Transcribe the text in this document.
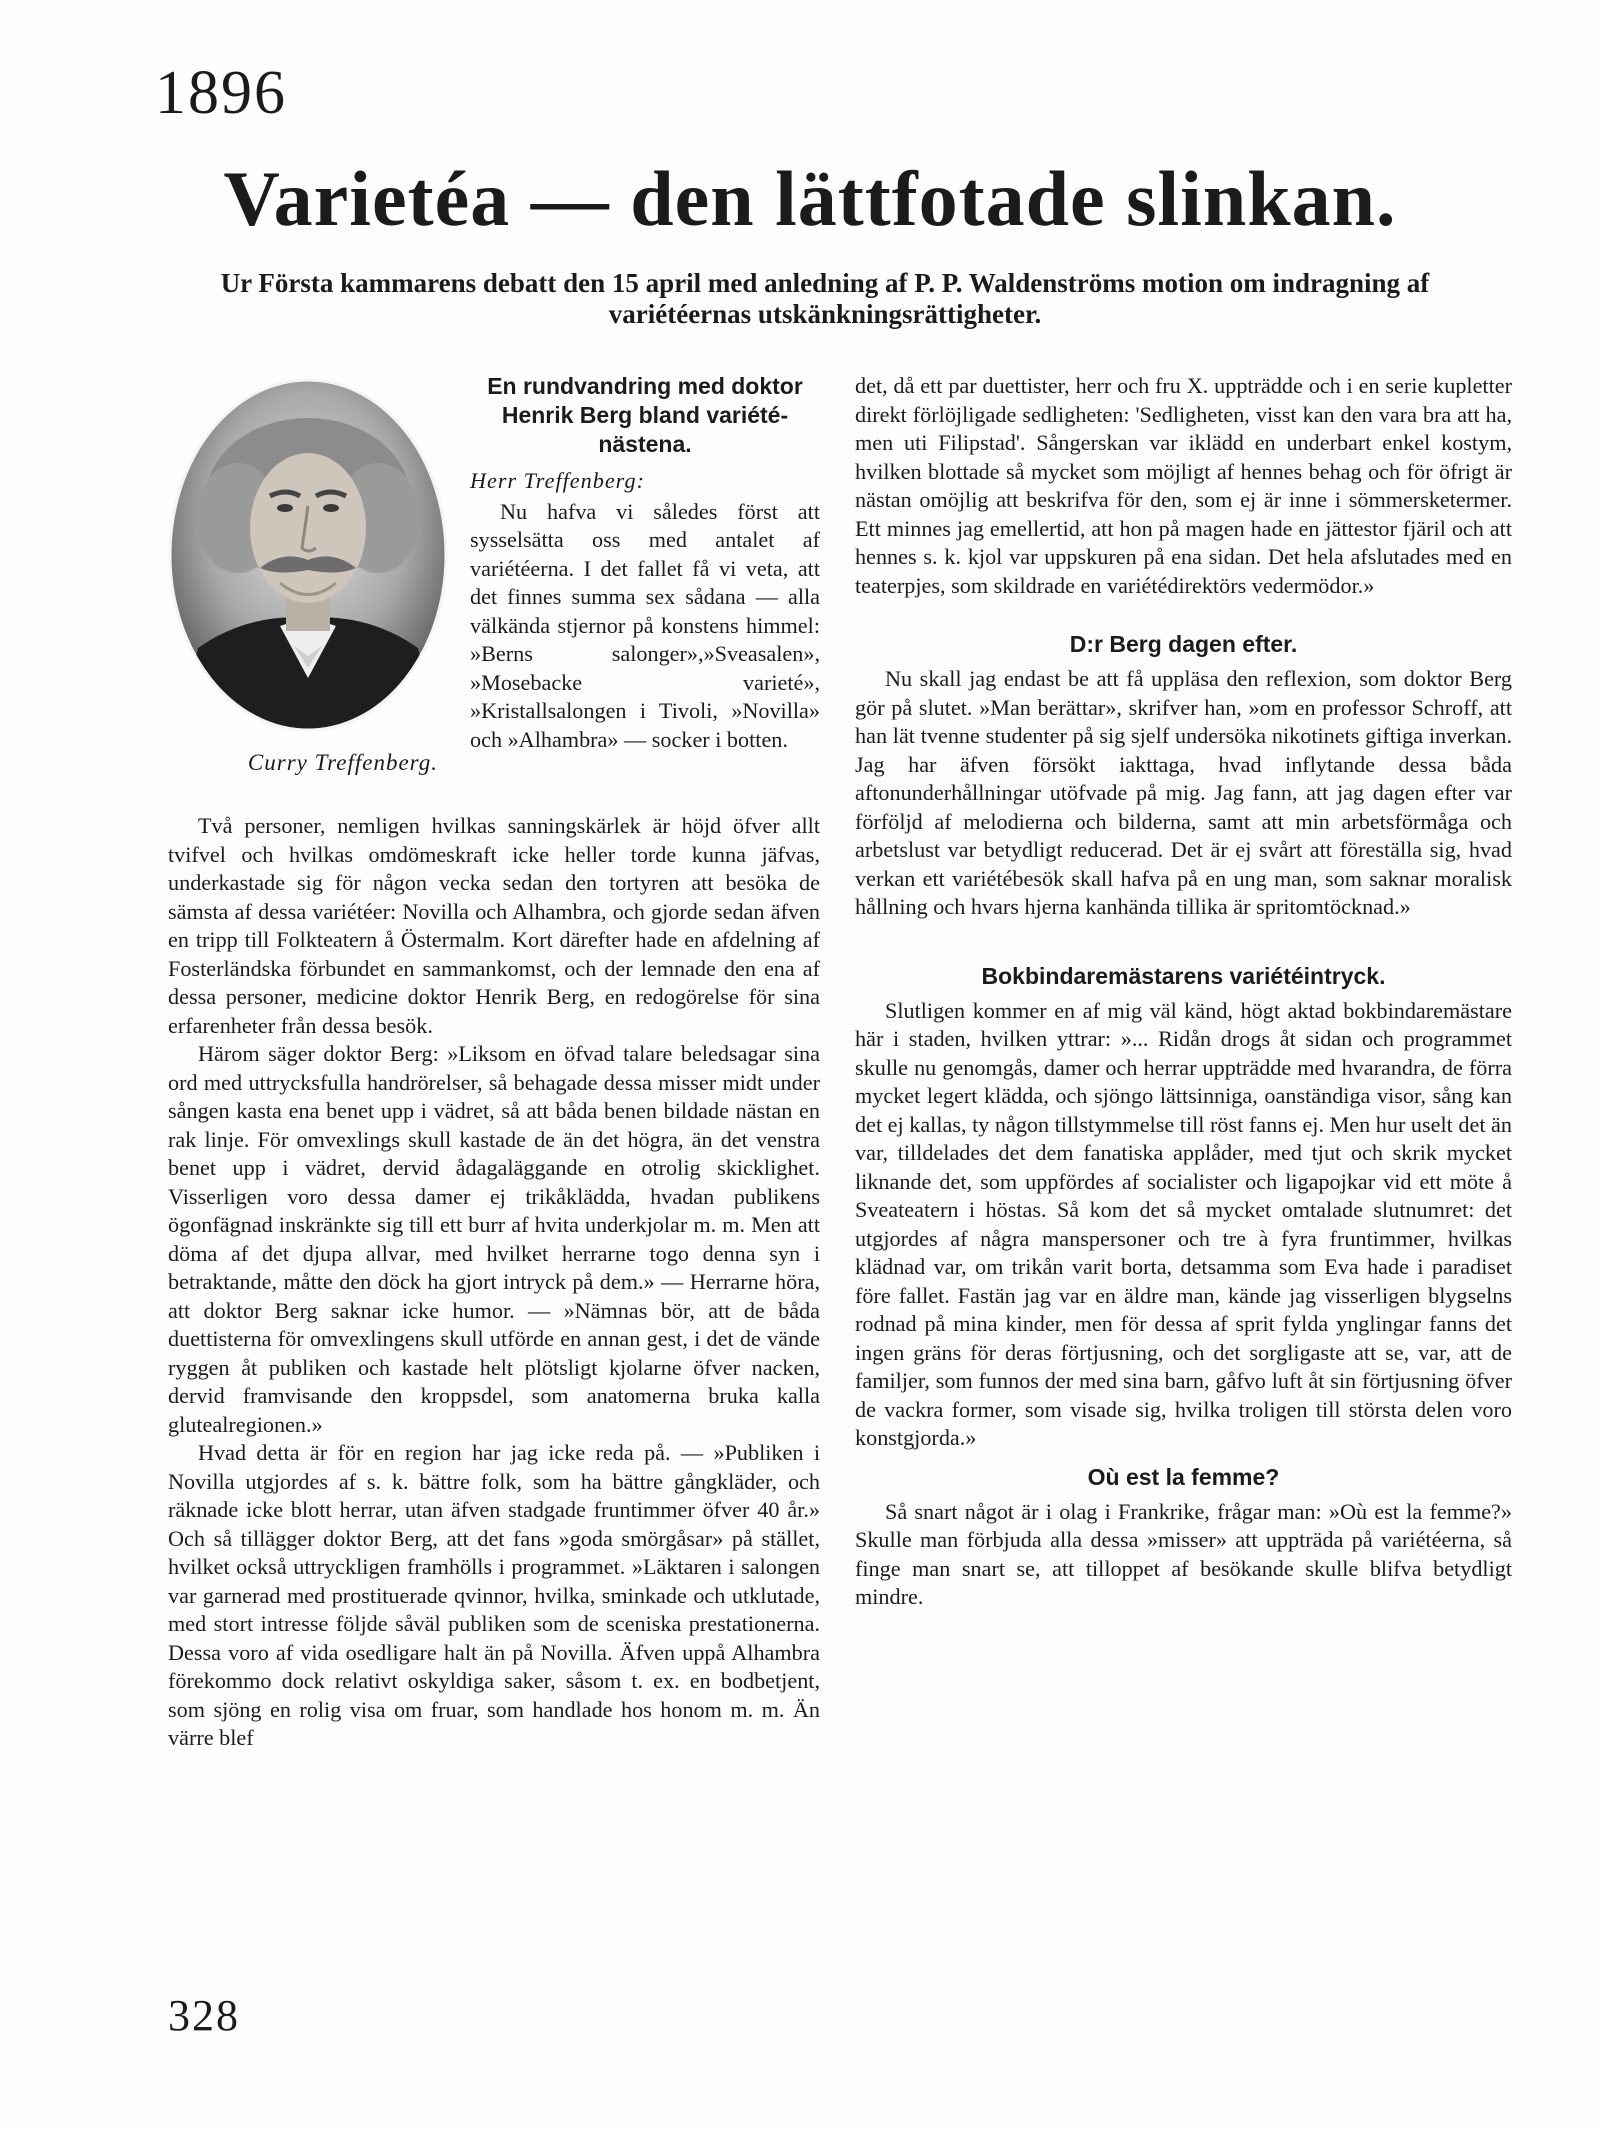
1896
Varietéa — den lättfotade slinkan.
Ur Första kammarens debatt den 15 april med anledning af P. P. Waldenströms motion om indragning af variétéernas utskänkningsrättigheter.
Curry Treffenberg.
En rundvandring med doktor Henrik Berg bland variéténästena.

Herr Treffenberg:

Nu hafva vi således först att sysselsätta oss med antalet af variétéerna. I det fallet få vi veta, att det finnes summa sex sådana — alla välkända stjernor på konstens himmel: »Berns salonger»,»Sveasalen», »Mosebacke varieté», »Kristallsalongen i Tivoli, »Novilla» och »Alhambra» — socker i botten.

Två personer, nemligen hvilkas sanningskärlek är höjd öfver allt tvifvel och hvilkas omdömeskraft icke heller torde kunna jäfvas, underkastade sig för någon vecka sedan den tortyren att besöka de sämsta af dessa variétéer: Novilla och Alhambra, och gjorde sedan äfven en tripp till Folkteatern å Östermalm. Kort därefter hade en afdelning af Fosterländska förbundet en sammankomst, och der lemnade den ena af dessa personer, medicine doktor Henrik Berg, en redogörelse för sina erfarenheter från dessa besök.

Härom säger doktor Berg: »Liksom en öfvad talare beledsagar sina ord med uttrycksfulla handrörelser, så behagade dessa misser midt under sången kasta ena benet upp i vädret, så att båda benen bildade nästan en rak linje. För omvexlings skull kastade de än det högra, än det venstra benet upp i vädret, dervid ådagaläggande en otrolig skicklighet. Visserligen voro dessa damer ej trikåklädda, hvadan publikens ögonfägnad inskränkte sig till ett burr af hvita underkjolar m. m. Men att döma af det djupa allvar, med hvilket herrarne togo denna syn i betraktande, måtte den döck ha gjort intryck på dem.» — Herrarne höra, att doktor Berg saknar icke humor. — »Nämnas bör, att de båda duettisterna för omvexlingens skull utförde en annan gest, i det de vände ryggen åt publiken och kastade helt plötsligt kjolarne öfver nacken, dervid framvisande den kroppsdel, som anatomerna bruka kalla glutealregionen.»

Hvad detta är för en region har jag icke reda på. — »Publiken i Novilla utgjordes af s. k. bättre folk, som ha bättre gångkläder, och räknade icke blott herrar, utan äfven stadgade fruntimmer öfver 40 år.» Och så tillägger doktor Berg, att det fans »goda smörgåsar» på stället, hvilket också uttryckligen framhölls i programmet. »Läktaren i salongen var garnerad med prostituerade qvinnor, hvilka, sminkade och utklutade, med stort intresse följde såväl publiken som de sceniska prestationerna. Dessa voro af vida osedligare halt än på Novilla. Äfven uppå Alhambra förekommo dock relativt oskyldiga saker, såsom t. ex. en bodbetjent, som sjöng en rolig visa om fruar, som handlade hos honom m. m. Än värre blef

det, då ett par duettister, herr och fru X. uppträdde och i en serie kupletter direkt förlöjligade sedligheten: 'Sedligheten, visst kan den vara bra att ha, men uti Filipstad'. Sångerskan var iklädd en underbart enkel kostym, hvilken blottade så mycket som möjligt af hennes behag och för öfrigt är nästan omöjlig att beskrifva för den, som ej är inne i sömmersketermer. Ett minnes jag emellertid, att hon på magen hade en jättestor fjäril och att hennes s. k. kjol var uppskuren på ena sidan. Det hela afslutades med en teaterpjes, som skildrade en variétédirektörs vedermödor.»

D:r Berg dagen efter.

Nu skall jag endast be att få uppläsa den reflexion, som doktor Berg gör på slutet. »Man berättar», skrifver han, »om en professor Schroff, att han lät tvenne studenter på sig sjelf undersöka nikotinets giftiga inverkan. Jag har äfven försökt iakttaga, hvad inflytande dessa båda aftonunderhållningar utöfvade på mig. Jag fann, att jag dagen efter var förföljd af melodierna och bilderna, samt att min arbetsförmåga och arbetslust var betydligt reducerad. Det är ej svårt att föreställa sig, hvad verkan ett variétébesök skall hafva på en ung man, som saknar moralisk hållning och hvars hjerna kanhända tillika är spritomtöcknad.»

Bokbindaremästarens variétéintryck.

Slutligen kommer en af mig väl känd, högt aktad bokbindaremästare här i staden, hvilken yttrar: »... Ridån drogs åt sidan och programmet skulle nu genomgås, damer och herrar uppträdde med hvarandra, de förra mycket legert klädda, och sjöngo lättsinniga, oanständiga visor, sång kan det ej kallas, ty någon tillstymmelse till röst fanns ej. Men hur uselt det än var, tilldelades det dem fanatiska applåder, med tjut och skrik mycket liknande det, som uppfördes af socialister och ligapojkar vid ett möte å Sveateatern i höstas. Så kom det så mycket omtalade slutnumret: det utgjordes af några manspersoner och tre à fyra fruntimmer, hvilkas klädnad var, om trikån varit borta, detsamma som Eva hade i paradiset före fallet. Fastän jag var en äldre man, kände jag visserligen blygselns rodnad på mina kinder, men för dessa af sprit fylda ynglingar fanns det ingen gräns för deras förtjusning, och det sorgligaste att se, var, att de familjer, som funnos der med sina barn, gåfvo luft åt sin förtjusning öfver de vackra former, som visade sig, hvilka troligen till största delen voro konstgjorda.»

Où est la femme?

Så snart något är i olag i Frankrike, frågar man: »Où est la femme?» Skulle man förbjuda alla dessa »misser» att uppträda på variétéerna, så finge man snart se, att tilloppet af besökande skulle blifva betydligt mindre.

328
